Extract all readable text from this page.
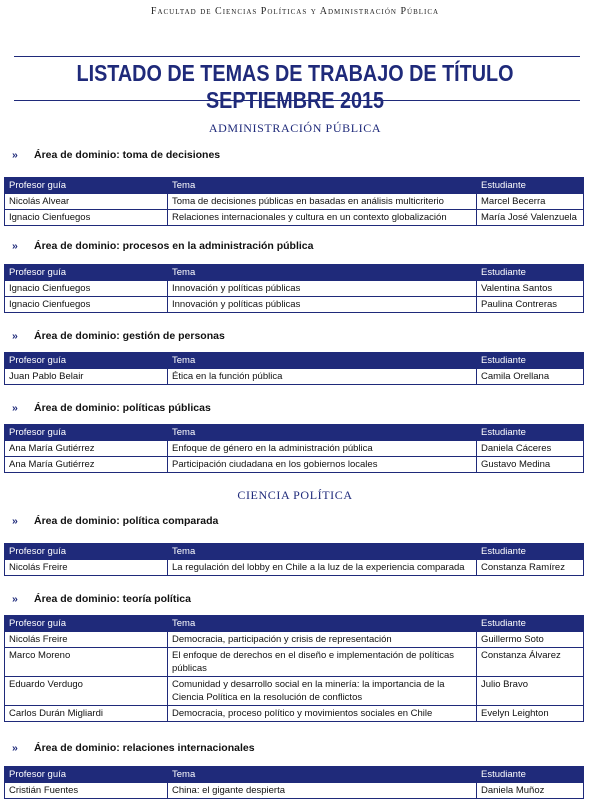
Facultad de Ciencias Políticas y Administración Pública
LISTADO DE TEMAS DE TRABAJO DE TÍTULO SEPTIEMBRE 2015
ADMINISTRACIÓN PÚBLICA
» Área de dominio: toma de decisiones
Profesor guía	Tema	Estudiante
Nicolás Alvear	Toma de decisiones públicas en basadas en análisis multicriterio	Marcel Becerra
Ignacio Cienfuegos	Relaciones internacionales y cultura en un contexto globalización	María José Valenzuela
» Área de dominio: procesos en la administración pública
Profesor guía	Tema	Estudiante
Ignacio Cienfuegos	Innovación y políticas públicas	Valentina Santos
Ignacio Cienfuegos	Innovación y políticas públicas	Paulina Contreras
» Área de dominio: gestión de personas
Profesor guía	Tema	Estudiante
Juan Pablo Belair	Ética en la función pública	Camila Orellana
» Área de dominio: políticas públicas
Profesor guía	Tema	Estudiante
Ana María Gutiérrez	Enfoque de género en la administración pública	Daniela Cáceres
Ana María Gutiérrez	Participación ciudadana en los gobiernos locales	Gustavo Medina
CIENCIA POLÍTICA
» Área de dominio: política comparada
Profesor guía	Tema	Estudiante
Nicolás Freire	La regulación del lobby en Chile a la luz de la experiencia comparada	Constanza Ramírez
» Área de dominio: teoría política
Profesor guía	Tema	Estudiante
Nicolás Freire	Democracia, participación y crisis de representación	Guillermo Soto
Marco Moreno	El enfoque de derechos en el diseño e implementación de políticas públicas	Constanza Álvarez
Eduardo Verdugo	Comunidad y desarrollo social en la minería: la importancia de la Ciencia Política en la resolución de conflictos	Julio Bravo
Carlos Durán Migliardi	Democracia, proceso político y movimientos sociales en Chile	Evelyn Leighton
» Área de dominio: relaciones internacionales
Profesor guía	Tema	Estudiante
Cristián Fuentes	China: el gigante despierta	Daniela Muñoz
